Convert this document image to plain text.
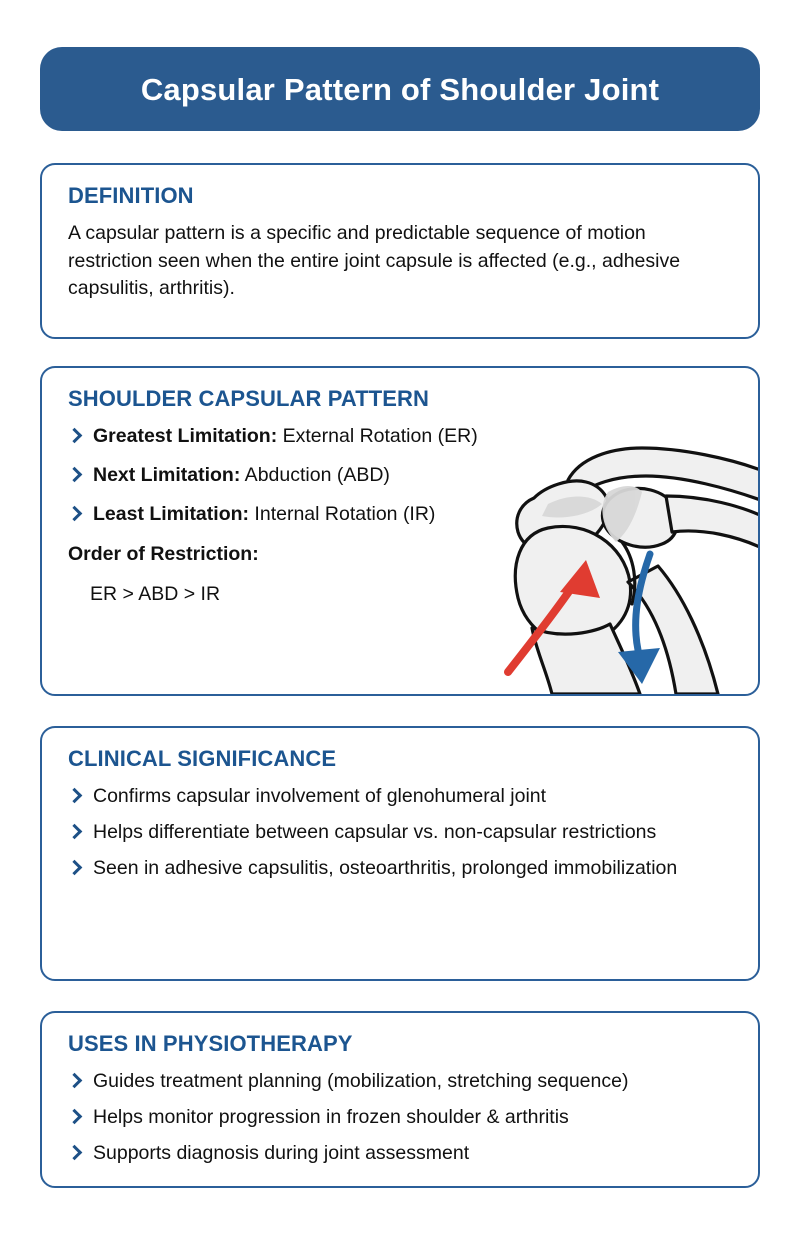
Capsular Pattern of Shoulder Joint
DEFINITION

A capsular pattern is a specific and predictable sequence of motion restriction seen when the entire joint capsule is affected (e.g., adhesive capsulitis, arthritis).

SHOULDER CAPSULAR PATTERN
Greatest Limitation: External Rotation (ER)
Next Limitation: Abduction (ABD)
Least Limitation: Internal Rotation (IR)
Order of Restriction:
ER > ABD > IR
CLINICAL SIGNIFICANCE
Confirms capsular involvement of glenohumeral joint
Helps differentiate between capsular vs. non-capsular restrictions
Seen in adhesive capsulitis, osteoarthritis, prolonged immobilization
USES IN PHYSIOTHERAPY
Guides treatment planning (mobilization, stretching sequence)
Helps monitor progression in frozen shoulder & arthritis
Supports diagnosis during joint assessment
